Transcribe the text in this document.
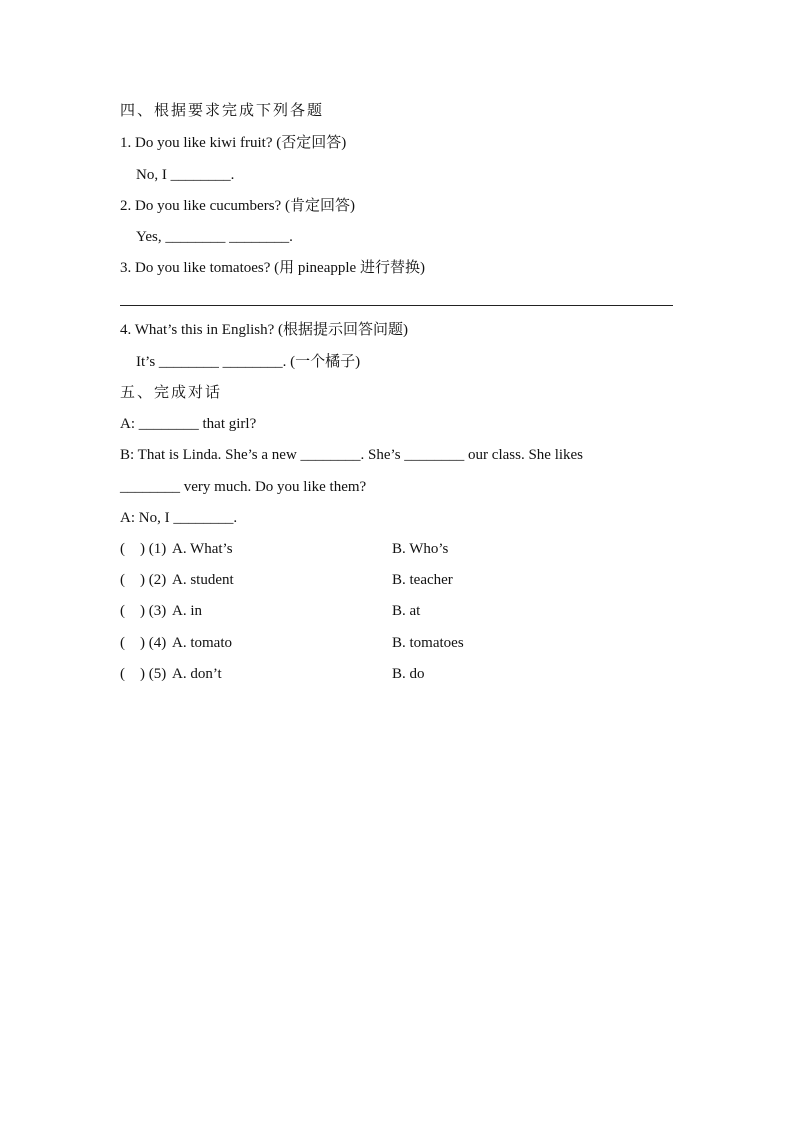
四、根据要求完成下列各题
1. Do you like kiwi fruit? (否定回答)
No, I ________.
2. Do you like cucumbers? (肯定回答)
Yes, ________ ________.
3. Do you like tomatoes? (用 pineapple 进行替换)
4. What’s this in English? (根据提示回答问题)
It’s ________ ________. (一个橘子)
五、完成对话
A: ________ that girl?
B: That is Linda. She’s a new ________. She’s ________ our class. She likes
________ very much. Do you like them?
A: No, I ________.
(    ) (1) A. What’s	B. Who’s
(    ) (2) A. student	B. teacher
(    ) (3) A. in	B. at
(    ) (4) A. tomato	B. tomatoes
(    ) (5) A. don’t	B. do
